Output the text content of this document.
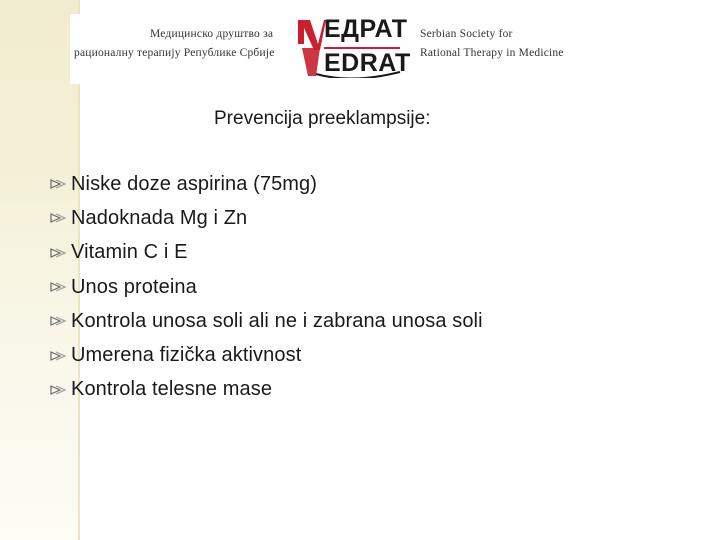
Медицинско друштво за
рационалну терапију Републике Србије
Serbian Society for
Rational Therapy in Medicine
ЕДРАТ
EDRAT
Prevencija preeklampsije:
Niske doze aspirina (75mg)
Nadoknada Mg i Zn
Vitamin C i E
Unos proteina
Kontrola unosa soli ali ne i zabrana unosa soli
Umerena fizička aktivnost
Kontrola telesne mase
